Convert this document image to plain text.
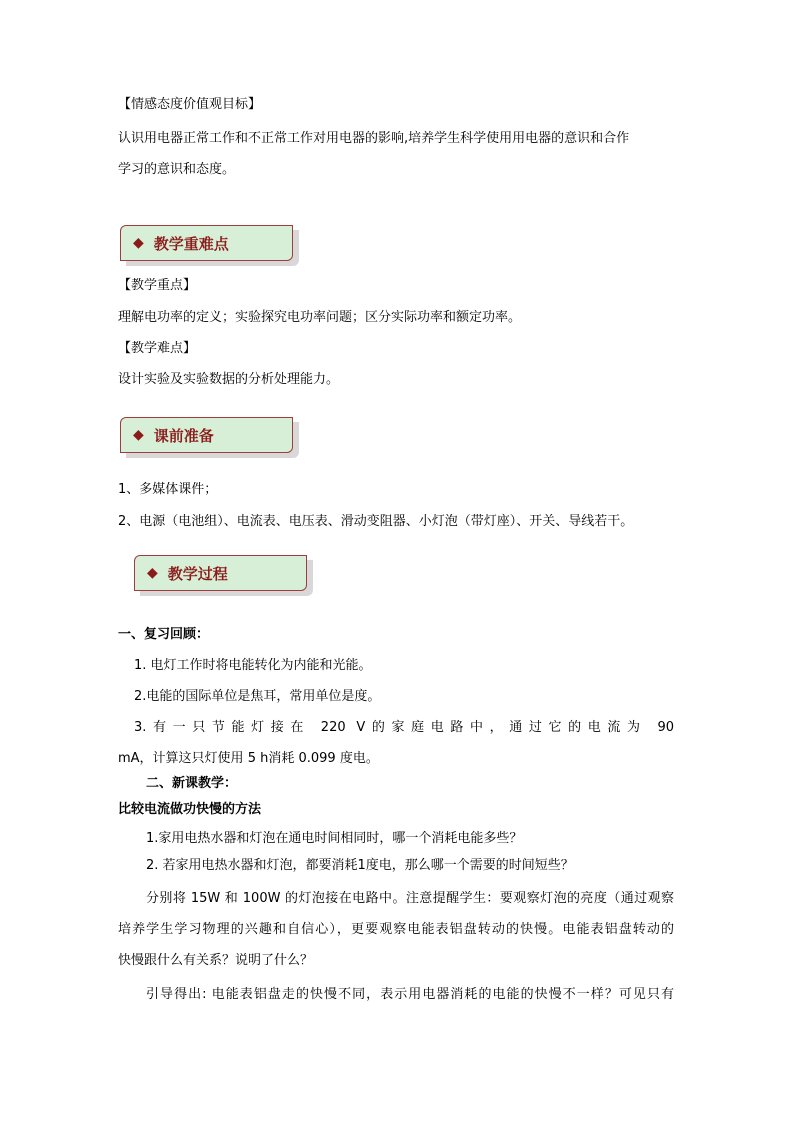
【情感态度价值观目标】
认识用电器正常工作和不正常工作对用电器的影响,培养学生科学使用用电器的意识和合作
学习的意识和态度。
◆ 教学重难点
【教学重点】
理解电功率的定义；实验探究电功率问题；区分实际功率和额定功率。
【教学难点】
设计实验及实验数据的分析处理能力。
◆ 课前准备
1、多媒体课件；
2、电源（电池组）、电流表、电压表、滑动变阻器、小灯泡（带灯座）、开关、导线若干。
◆ 教学过程
一、复习回顾：
1. 电灯工作时将电能转化为内能和光能。
2.电能的国际单位是焦耳，常用单位是度。
3.有一只节能灯接在 220 V的家庭电路中，通过它的电流为 90
mA，计算这只灯使用 5 h消耗 0.099 度电。
二、新课教学：
比较电流做功快慢的方法
1.家用电热水器和灯泡在通电时间相同时，哪一个消耗电能多些？
2. 若家用电热水器和灯泡，都要消耗1度电，那么哪一个需要的时间短些？
分别将 15W 和 100W 的灯泡接在电路中。注意提醒学生：要观察灯泡的亮度（通过观察
培养学生学习物理的兴趣和自信心），更要观察电能表铝盘转动的快慢。电能表铝盘转动的
快慢跟什么有关系？说明了什么？
引导得出: 电能表铝盘走的快慢不同，表示用电器消耗的电能的快慢不一样？可见只有
